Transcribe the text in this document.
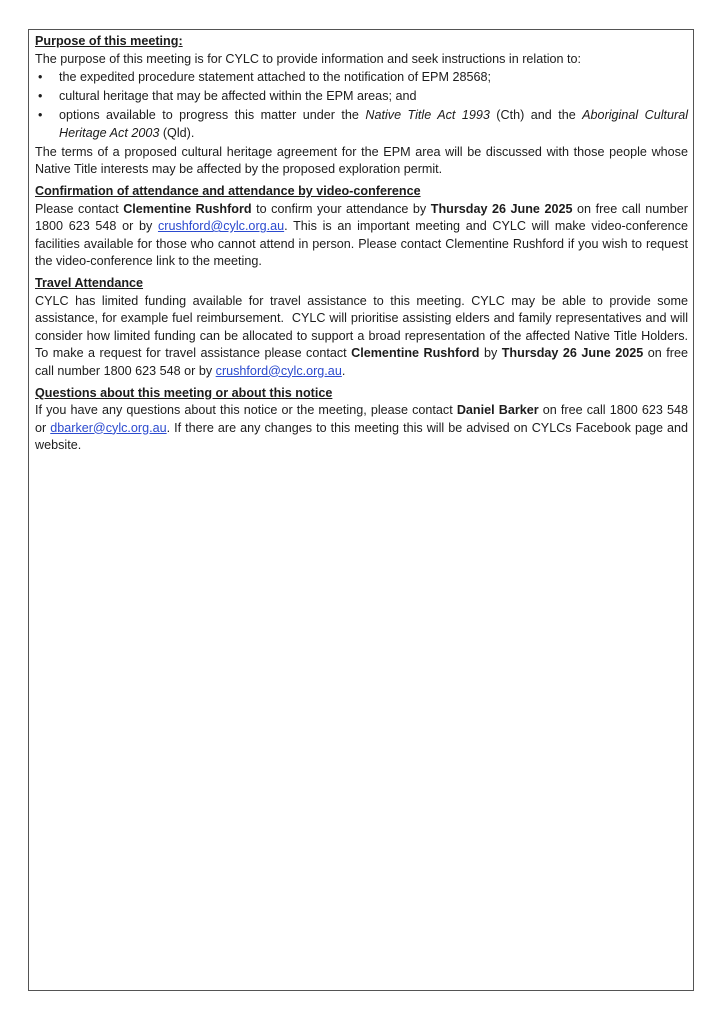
Purpose of this meeting:
The purpose of this meeting is for CYLC to provide information and seek instructions in relation to:
•	the expedited procedure statement attached to the notification of EPM 28568;
•	cultural heritage that may be affected within the EPM areas; and
•	options available to progress this matter under the Native Title Act 1993 (Cth) and the Aboriginal Cultural Heritage Act 2003 (Qld).
The terms of a proposed cultural heritage agreement for the EPM area will be discussed with those people whose Native Title interests may be affected by the proposed exploration permit.
Confirmation of attendance and attendance by video-conference
Please contact Clementine Rushford to confirm your attendance by Thursday 26 June 2025 on free call number 1800 623 548 or by crushford@cylc.org.au. This is an important meeting and CYLC will make video-conference facilities available for those who cannot attend in person. Please contact Clementine Rushford if you wish to request the video-conference link to the meeting.
Travel Attendance
CYLC has limited funding available for travel assistance to this meeting. CYLC may be able to provide some assistance, for example fuel reimbursement.  CYLC will prioritise assisting elders and family representatives and will consider how limited funding can be allocated to support a broad representation of the affected Native Title Holders. To make a request for travel assistance please contact Clementine Rushford by Thursday 26 June 2025 on free call number 1800 623 548 or by crushford@cylc.org.au.
Questions about this meeting or about this notice
If you have any questions about this notice or the meeting, please contact Daniel Barker on free call 1800 623 548 or dbarker@cylc.org.au. If there are any changes to this meeting this will be advised on CYLCs Facebook page and website.
